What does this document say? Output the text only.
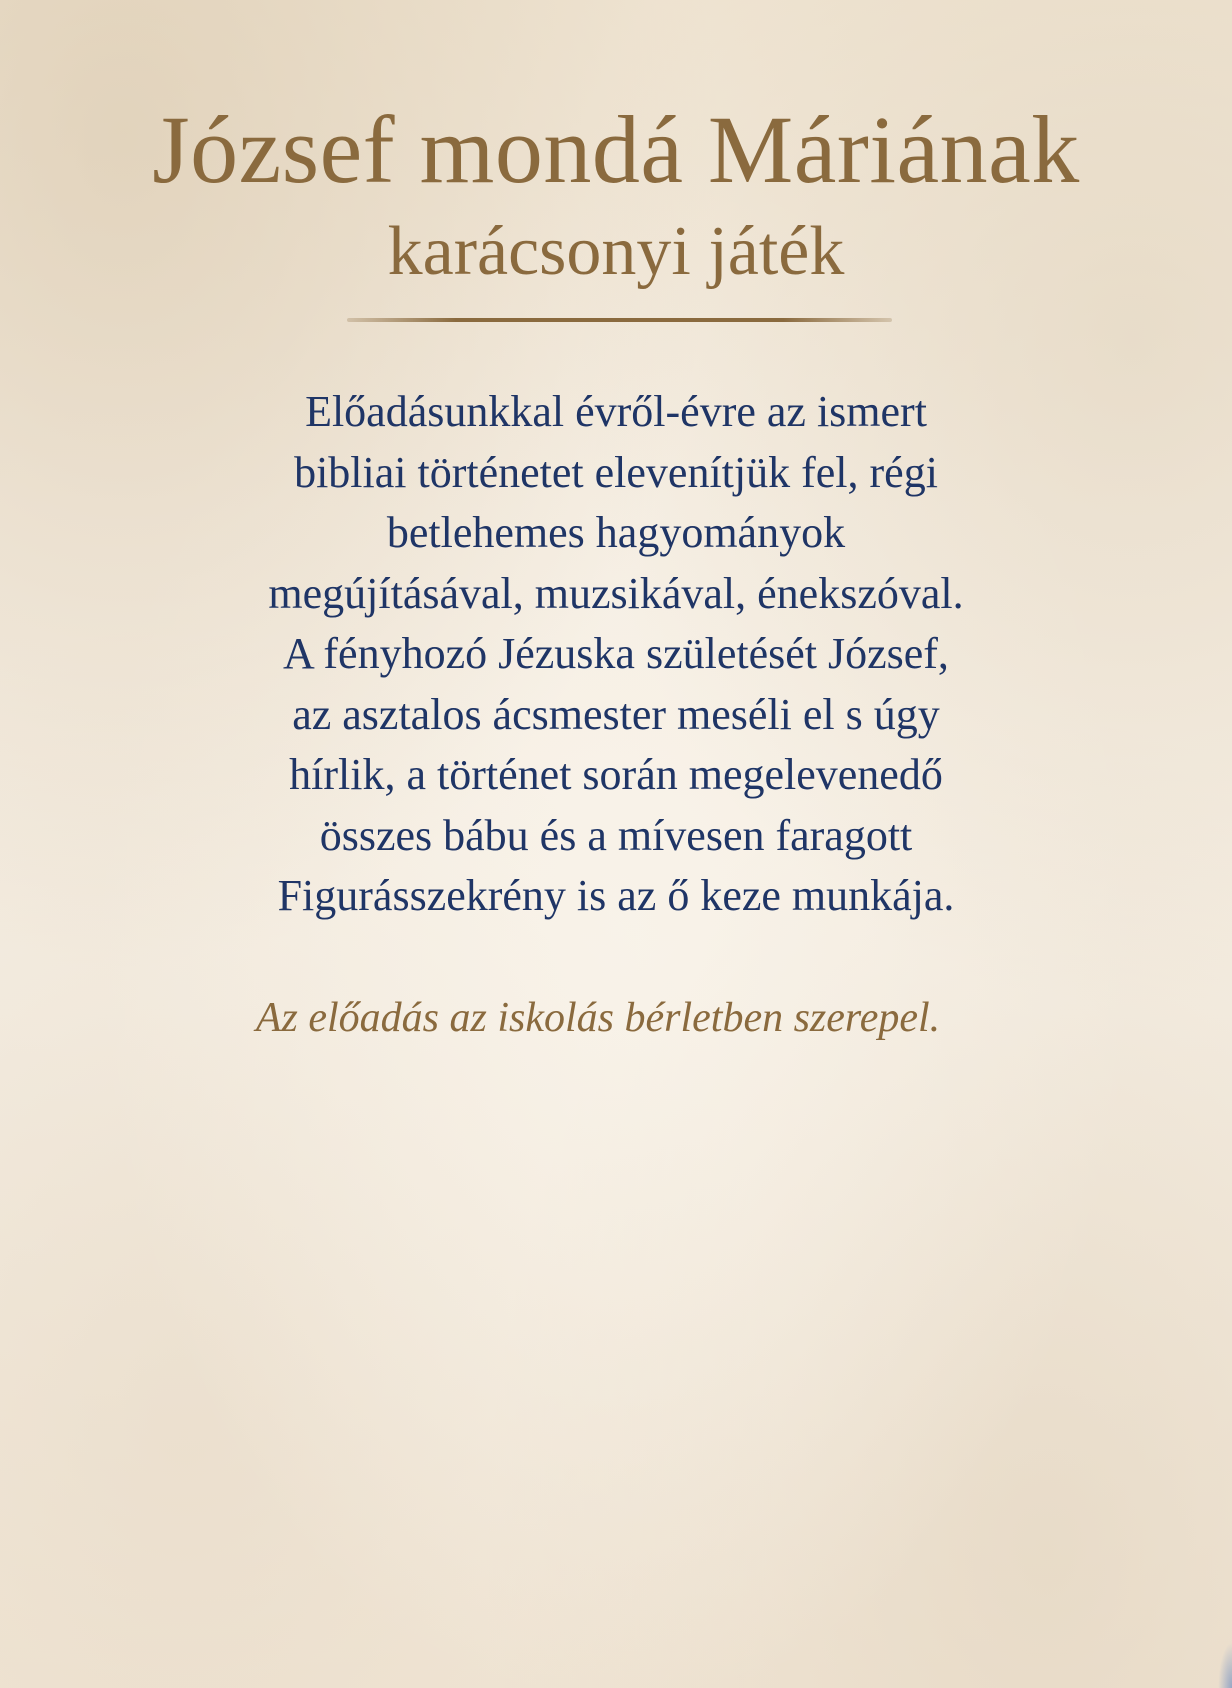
József mondá Máriának
karácsonyi játék

Előadásunkkal évről-évre az ismert
bibliai történetet elevenítjük fel, régi
betlehemes hagyományok
megújításával, muzsikával, énekszóval.
A fényhozó Jézuska születését József,
az asztalos ácsmester meséli el s úgy
hírlik, a történet során megelevenedő
összes bábu és a mívesen faragott
Figurásszekrény is az ő keze munkája.

Az előadás az iskolás bérletben szerepel.
